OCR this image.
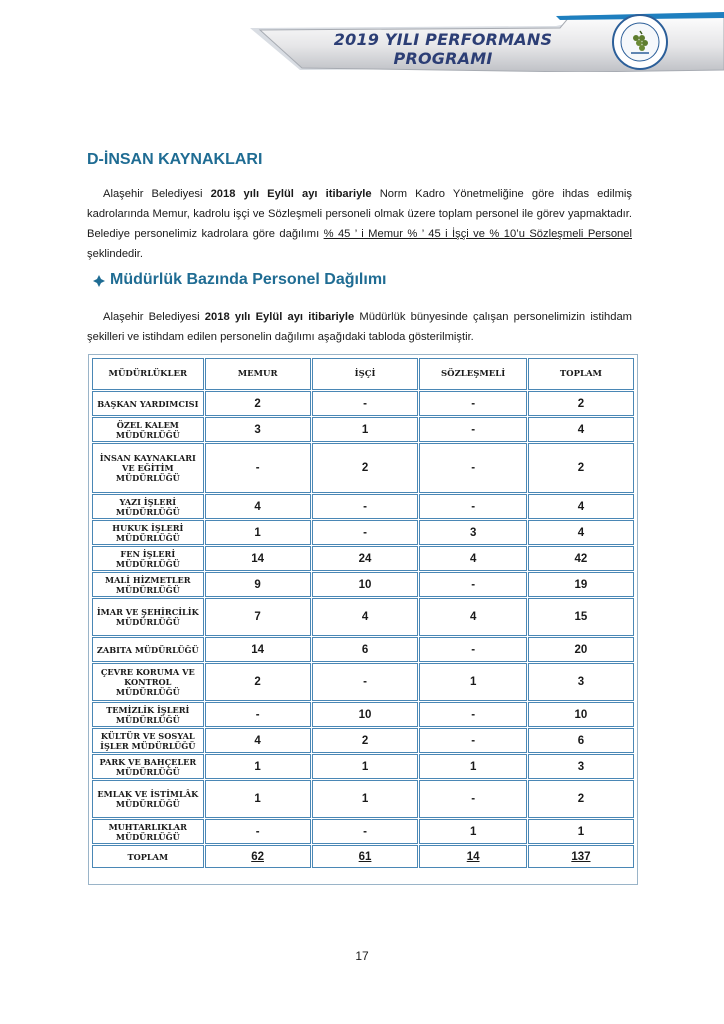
2019 YILI PERFORMANS PROGRAMI
D-İNSAN KAYNAKLARI

Alaşehir Belediyesi 2018 yılı Eylül ayı itibariyle Norm Kadro Yönetmeliğine göre ihdas edilmiş kadrolarında Memur, kadrolu işçi ve Sözleşmeli personeli olmak üzere toplam personel ile görev yapmaktadır. Belediye personelimiz kadrolara göre dağılımı % 45 ’ i Memur % ’ 45 i İşçi ve % 10’u Sözleşmeli Personel şeklindedir.

Müdürlük Bazında Personel Dağılımı

Alaşehir Belediyesi 2018 yılı Eylül ayı itibariyle Müdürlük bünyesinde çalışan personelimizin istihdam şekilleri ve istihdam edilen personelin dağılımı aşağıdaki tabloda gösterilmiştir.

MÜDÜRLÜKLER	MEMUR	İŞÇİ	SÖZLEŞMELİ	TOPLAM
BAŞKAN YARDIMCISI	2	-	-	2
ÖZEL KALEM MÜDÜRLÜĞÜ	3	1	-	4
İNSAN KAYNAKLARI VE EĞİTİM MÜDÜRLÜĞÜ	-	2	-	2
YAZI İŞLERİ MÜDÜRLÜĞÜ	4	-	-	4
HUKUK İŞLERİ MÜDÜRLÜĞÜ	1	-	3	4
FEN İŞLERİ MÜDÜRLÜĞÜ	14	24	4	42
MALİ HİZMETLER MÜDÜRLÜĞÜ	9	10	-	19
İMAR VE ŞEHİRCİLİK MÜDÜRLÜĞÜ	7	4	4	15
ZABITA MÜDÜRLÜĞÜ	14	6	-	20
ÇEVRE KORUMA VE KONTROL MÜDÜRLÜĞÜ	2	-	1	3
TEMİZLİK İŞLERİ MÜDÜRLÜĞÜ	-	10	-	10
KÜLTÜR VE SOSYAL İŞLER MÜDÜRLÜĞÜ	4	2	-	6
PARK VE BAHÇELER MÜDÜRLÜĞÜ	1	1	1	3
EMLAK VE İSTİMLÂK MÜDÜRLÜĞÜ	1	1	-	2
MUHTARLIKLAR MÜDÜRLÜĞÜ	-	-	1	1
TOPLAM	62	61	14	137

17
